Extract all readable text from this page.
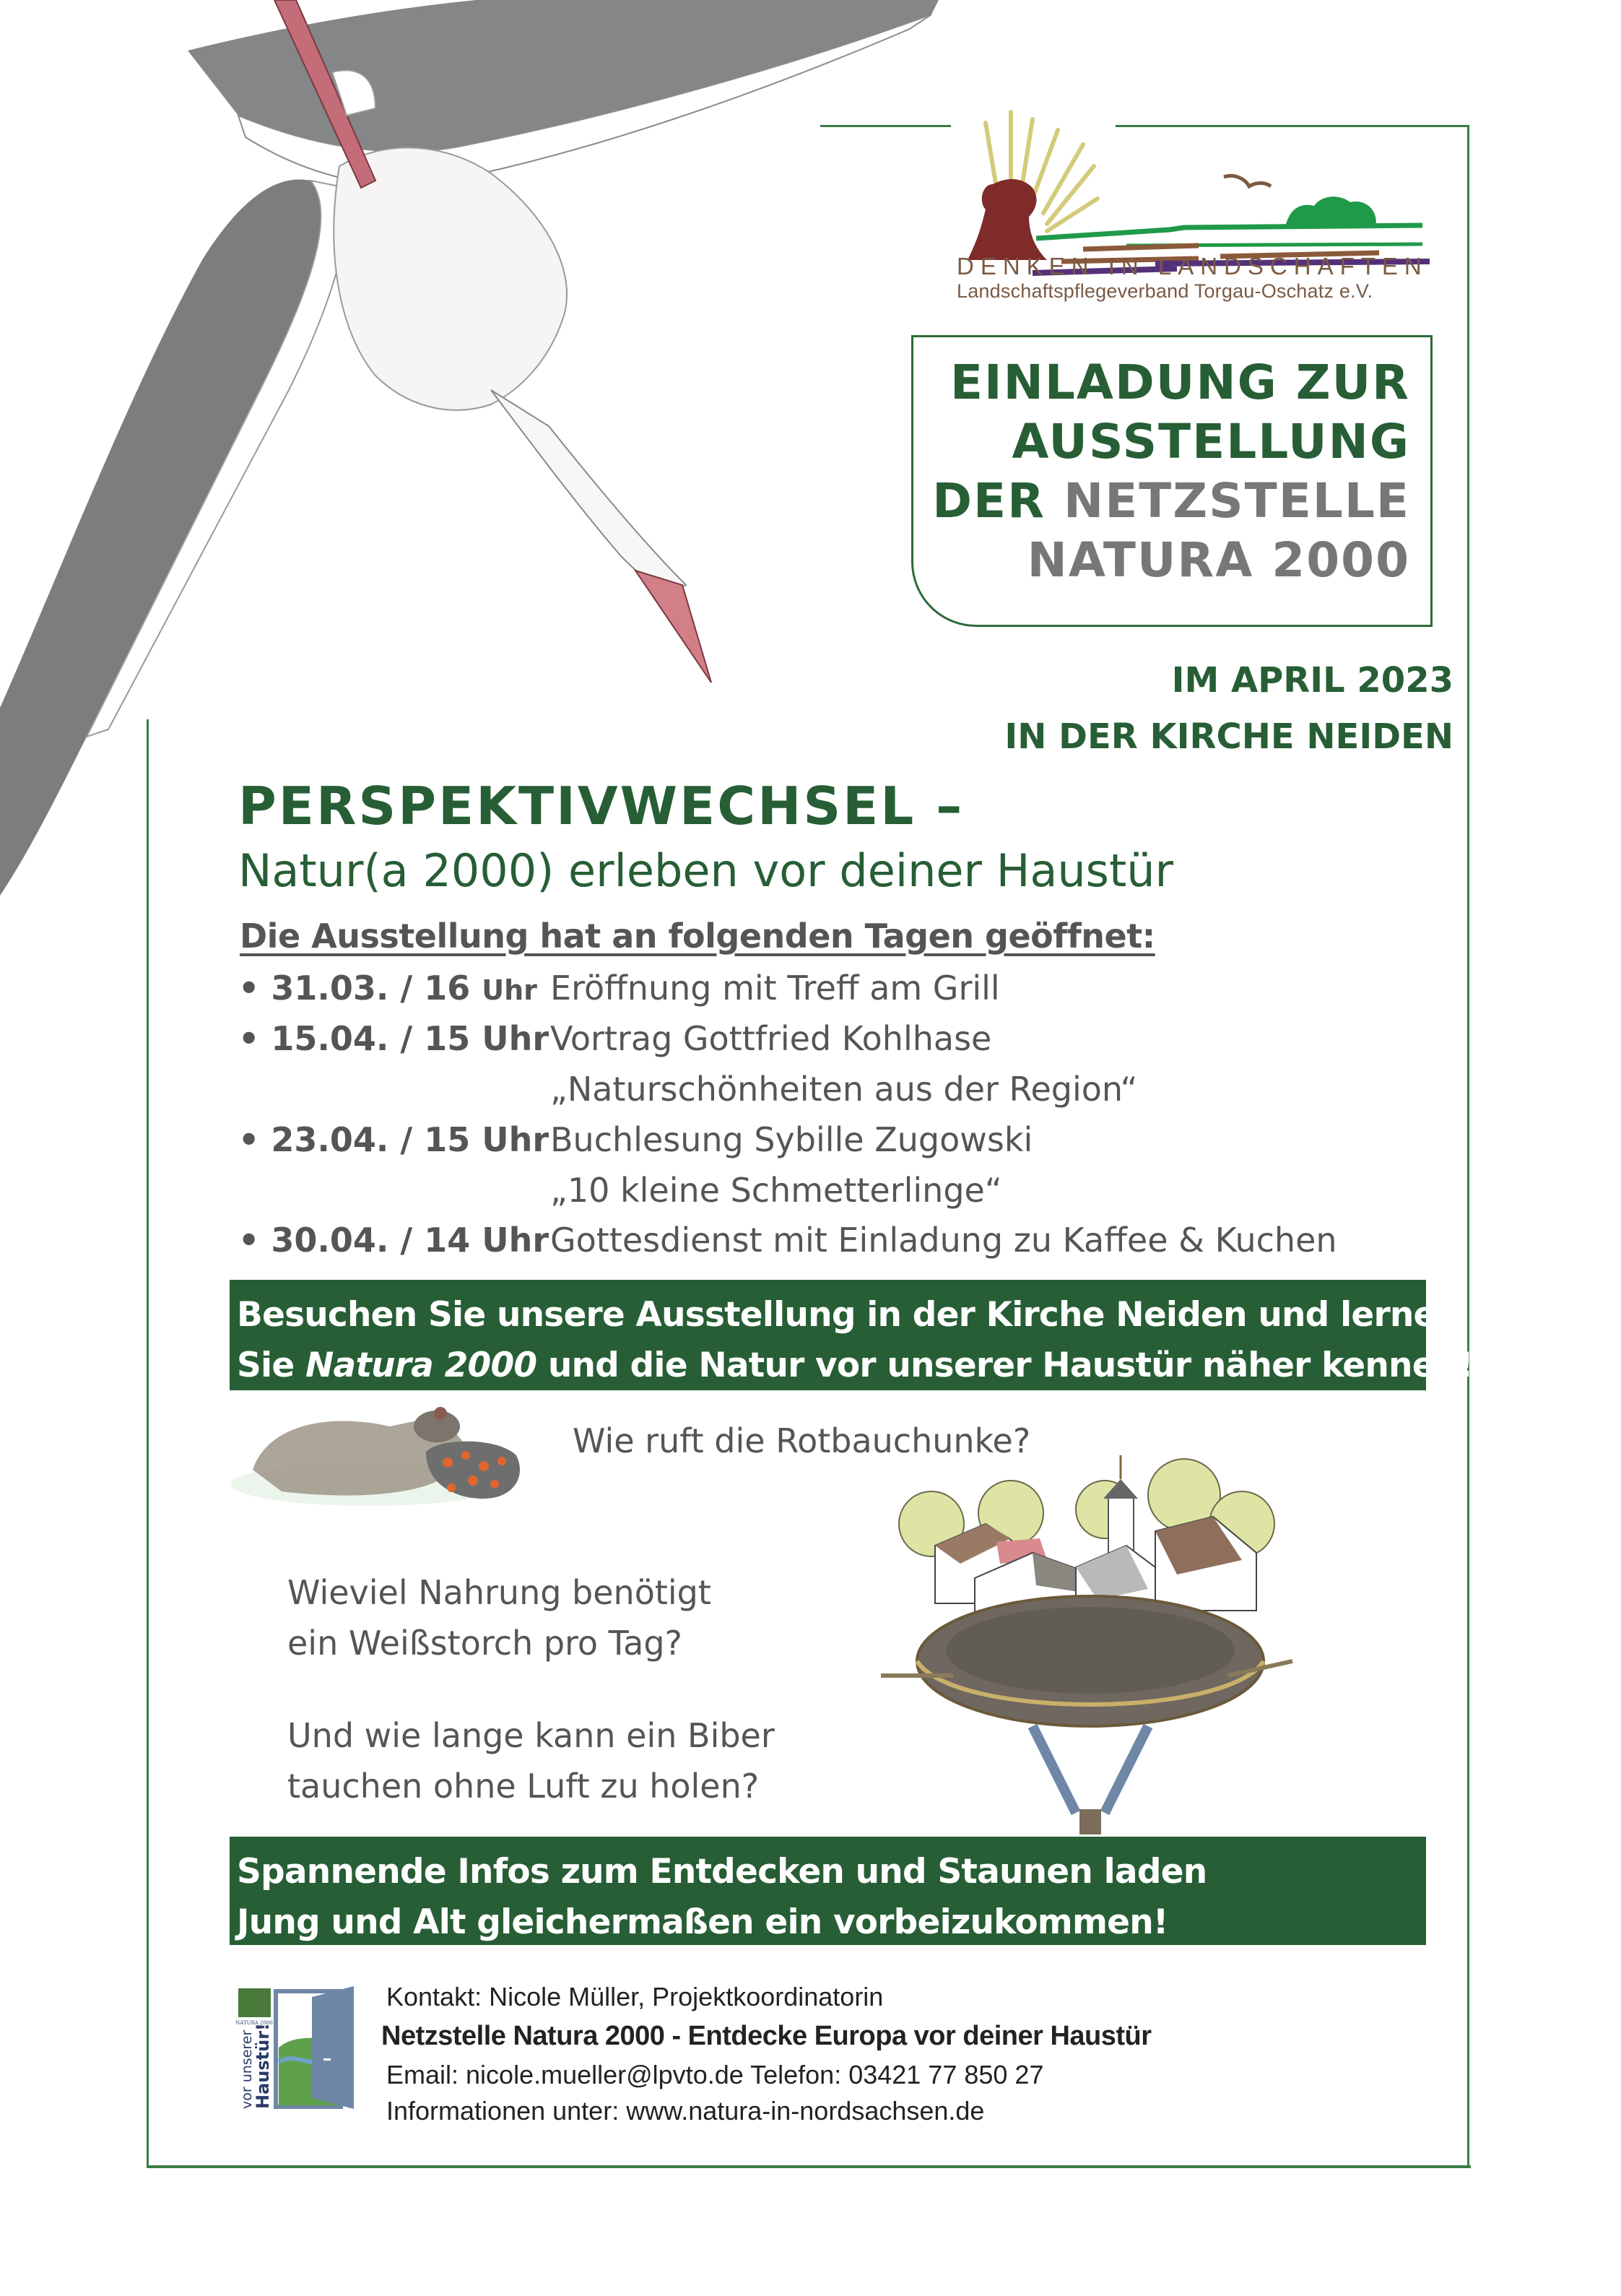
DENKEN IN LANDSCHAFTEN
Landschaftspflegeverband Torgau-Oschatz e.V.
EINLADUNG ZUR
AUSSTELLUNG
DER NETZSTELLE
NATURA 2000
IM APRIL 2023
IN DER KIRCHE NEIDEN
PERSPEKTIVWECHSEL –
Natur(a 2000) erleben vor deiner Haustür
Die Ausstellung hat an folgenden Tagen geöffnet:
• 31.03. / 16 Uhr Eröffnung mit Treff am Grill
• 15.04. / 15 UhrVortrag Gottfried Kohlhase
„Naturschönheiten aus der Region“
• 23.04. / 15 UhrBuchlesung Sybille Zugowski
„10 kleine Schmetterlinge“
• 30.04. / 14 UhrGottesdienst mit Einladung zu Kaffee & Kuchen
Besuchen Sie unsere Ausstellung in der Kirche Neiden und lernen
Sie Natura 2000 und die Natur vor unserer Haustür näher kennen!
Wie ruft die Rotbauchunke?
Wieviel Nahrung benötigt
ein Weißstorch pro Tag?
Und wie lange kann ein Biber
tauchen ohne Luft zu holen?
Spannende Infos zum Entdecken und Staunen laden
Jung und Alt gleichermaßen ein vorbeizukommen!
NATURA 2000
vor unserer
Haustür!
Kontakt: Nicole Müller, Projektkoordinatorin
Netzstelle Natura 2000 - Entdecke Europa vor deiner Haustür
Email: nicole.mueller@lpvto.de Telefon: 03421 77 850 27
Informationen unter: www.natura-in-nordsachsen.de
